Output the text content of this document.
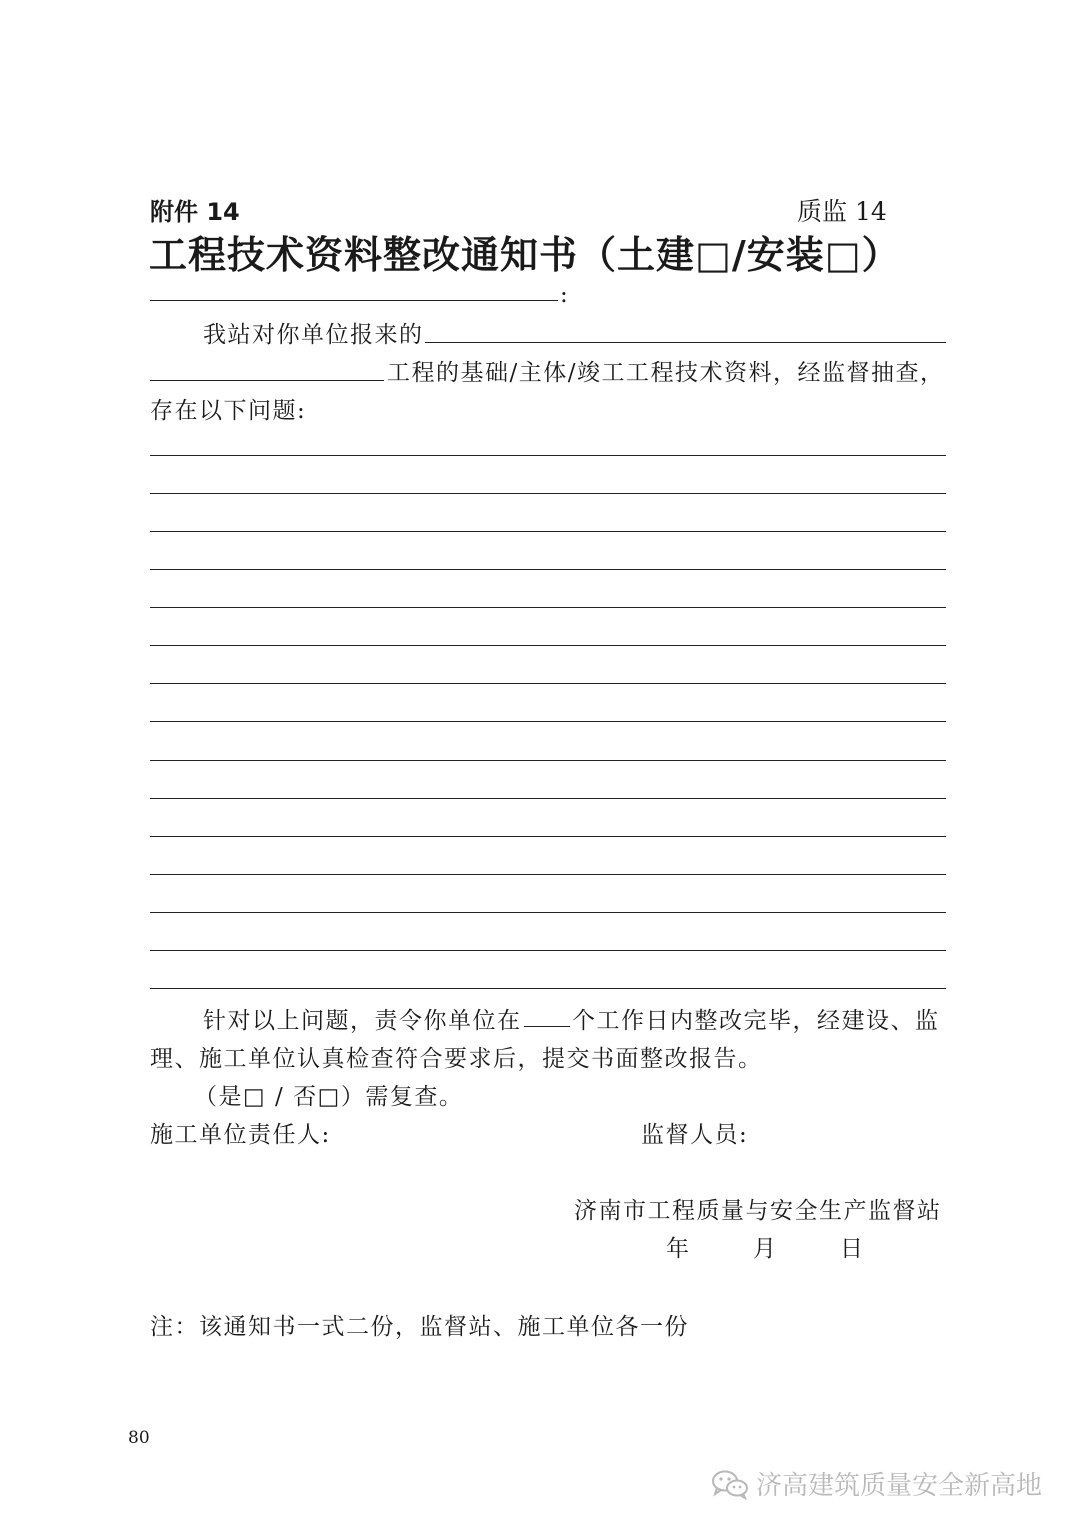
附件 14	质监 14
工程技术资料整改通知书（土建□/安装□）
:
我站对你单位报来的
工程的基础/主体/竣工工程技术资料，经监督抽查，
存在以下问题:
针对以上问题，责令你单位在 个工作日内整改完毕，经建设、监
理、施工单位认真检查符合要求后，提交书面整改报告。
（是□ / 否□）需复查。
施工单位责任人:	监督人员:
济南市工程质量与安全生产监督站
年	月	日
注：该通知书一式二份，监督站、施工单位各一份
80
济高建筑质量安全新高地
